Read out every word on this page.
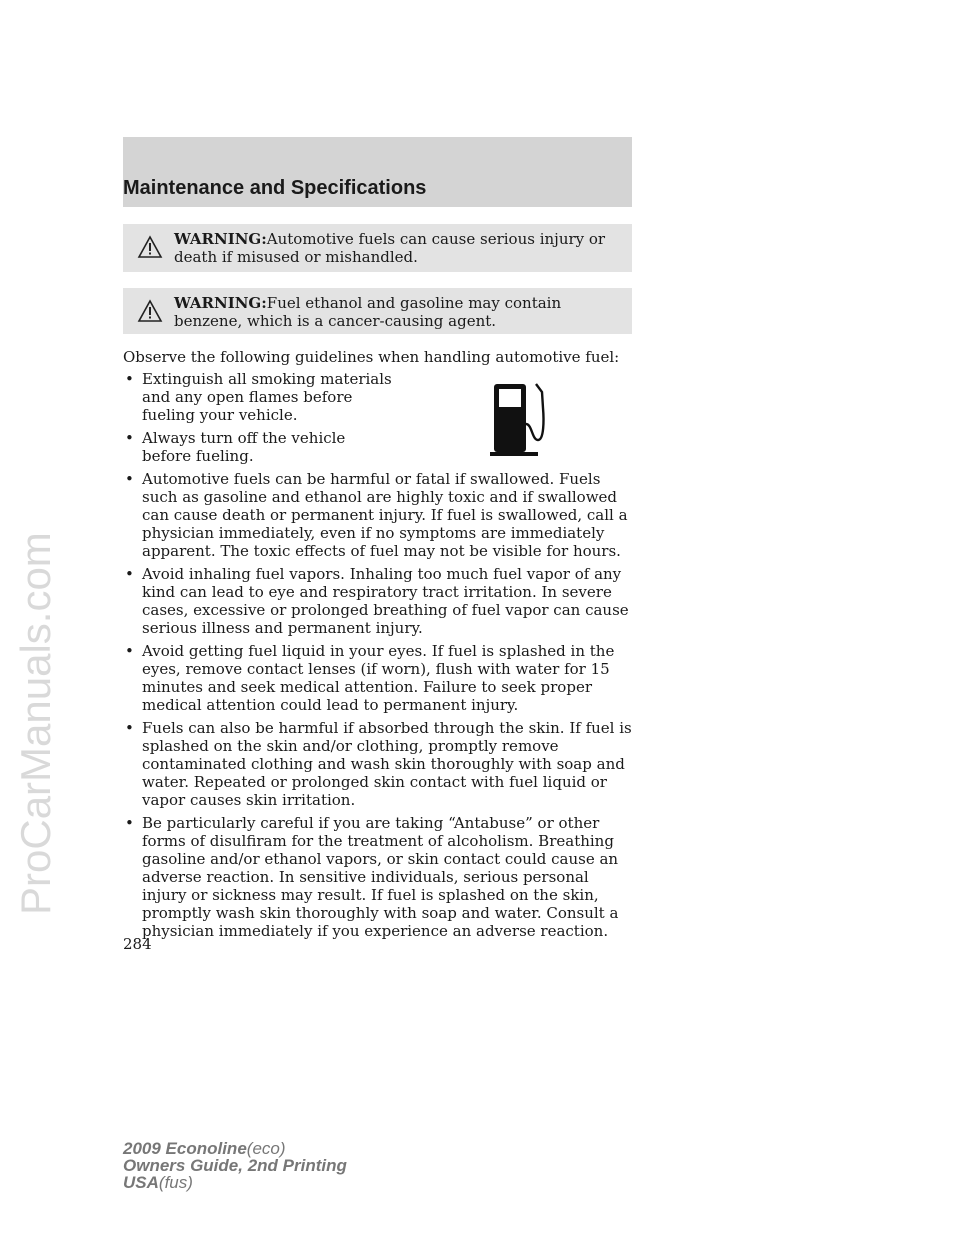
ProCarManuals.com
Maintenance and Specifications
WARNING:Automotive fuels can cause serious injury or death if misused or mishandled.
WARNING:Fuel ethanol and gasoline may contain benzene, which is a cancer-causing agent.

Observe the following guidelines when handling automotive fuel:

• Extinguish all smoking materials and any open flames before fueling your vehicle.
• Always turn off the vehicle before fueling.
• Automotive fuels can be harmful or fatal if swallowed. Fuels such as gasoline and ethanol are highly toxic and if swallowed can cause death or permanent injury. If fuel is swallowed, call a physician immediately, even if no symptoms are immediately apparent. The toxic effects of fuel may not be visible for hours.
• Avoid inhaling fuel vapors. Inhaling too much fuel vapor of any kind can lead to eye and respiratory tract irritation. In severe cases, excessive or prolonged breathing of fuel vapor can cause serious illness and permanent injury.
• Avoid getting fuel liquid in your eyes. If fuel is splashed in the eyes, remove contact lenses (if worn), flush with water for 15 minutes and seek medical attention. Failure to seek proper medical attention could lead to permanent injury.
• Fuels can also be harmful if absorbed through the skin. If fuel is splashed on the skin and/or clothing, promptly remove contaminated clothing and wash skin thoroughly with soap and water. Repeated or prolonged skin contact with fuel liquid or vapor causes skin irritation.
• Be particularly careful if you are taking “Antabuse” or other forms of disulfiram for the treatment of alcoholism. Breathing gasoline and/or ethanol vapors, or skin contact could cause an adverse reaction. In sensitive individuals, serious personal injury or sickness may result. If fuel is splashed on the skin, promptly wash skin thoroughly with soap and water. Consult a physician immediately if you experience an adverse reaction.
284
2009 Econoline(eco)
Owners Guide, 2nd Printing
USA(fus)
